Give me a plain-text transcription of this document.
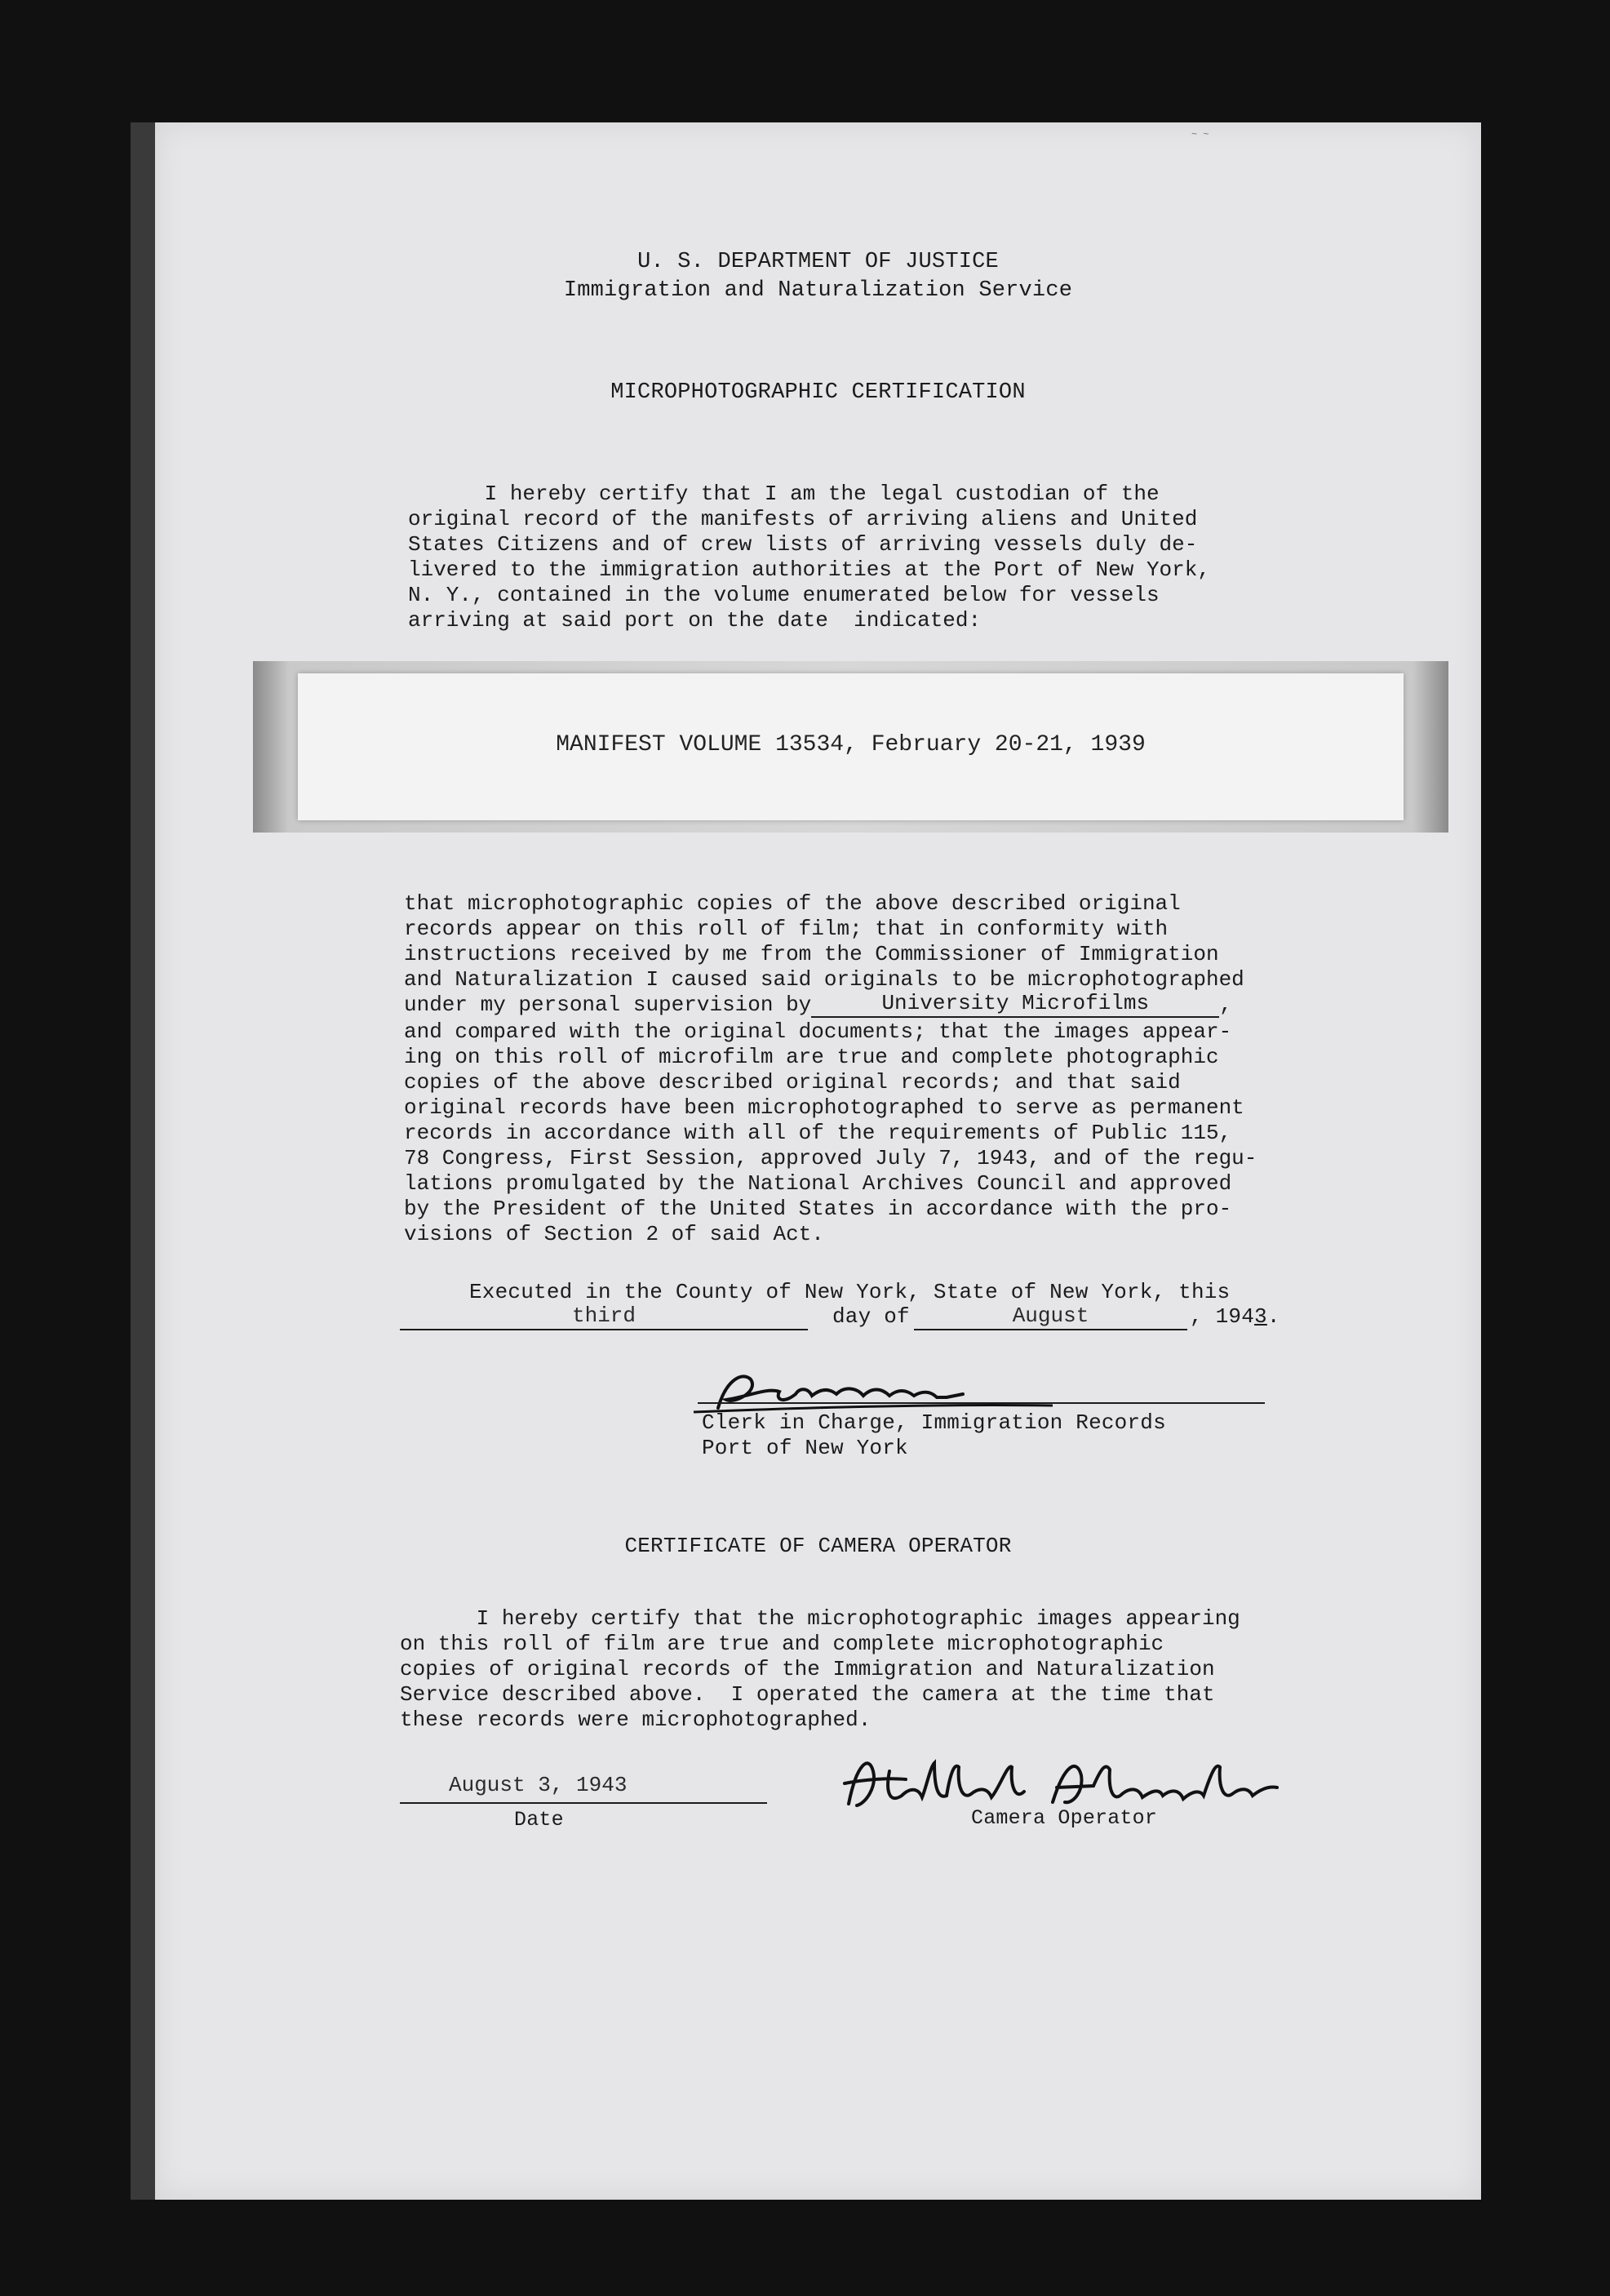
~ ~
U. S. DEPARTMENT OF JUSTICE
Immigration and Naturalization Service
MICROPHOTOGRAPHIC CERTIFICATION
I hereby certify that I am the legal custodian of the
original record of the manifests of arriving aliens and United
States Citizens and of crew lists of arriving vessels duly de-
livered to the immigration authorities at the Port of New York,
N. Y., contained in the volume enumerated below for vessels
arriving at said port on the date  indicated:
MANIFEST VOLUME 13534, February 20-21, 1939
that microphotographic copies of the above described original
records appear on this roll of film; that in conformity with
instructions received by me from the Commissioner of Immigration
and Naturalization I caused said originals to be microphotographed
under my personal supervision by	University Microfilms	,
and compared with the original documents; that the images appear-
ing on this roll of microfilm are true and complete photographic
copies of the above described original records; and that said
original records have been microphotographed to serve as permanent
records in accordance with all of the requirements of Public 115,
78 Congress, First Session, approved July 7, 1943, and of the regu-
lations promulgated by the National Archives Council and approved
by the President of the United States in accordance with the pro-
visions of Section 2 of said Act.
Executed in the County of New York, State of New York, this
third	day of	August	, 1943.
Clerk in Charge, Immigration Records
Port of New York
CERTIFICATE OF CAMERA OPERATOR
I hereby certify that the microphotographic images appearing
on this roll of film are true and complete microphotographic
copies of original records of the Immigration and Naturalization
Service described above.  I operated the camera at the time that
these records were microphotographed.
August 3, 1943
Date	Camera Operator
